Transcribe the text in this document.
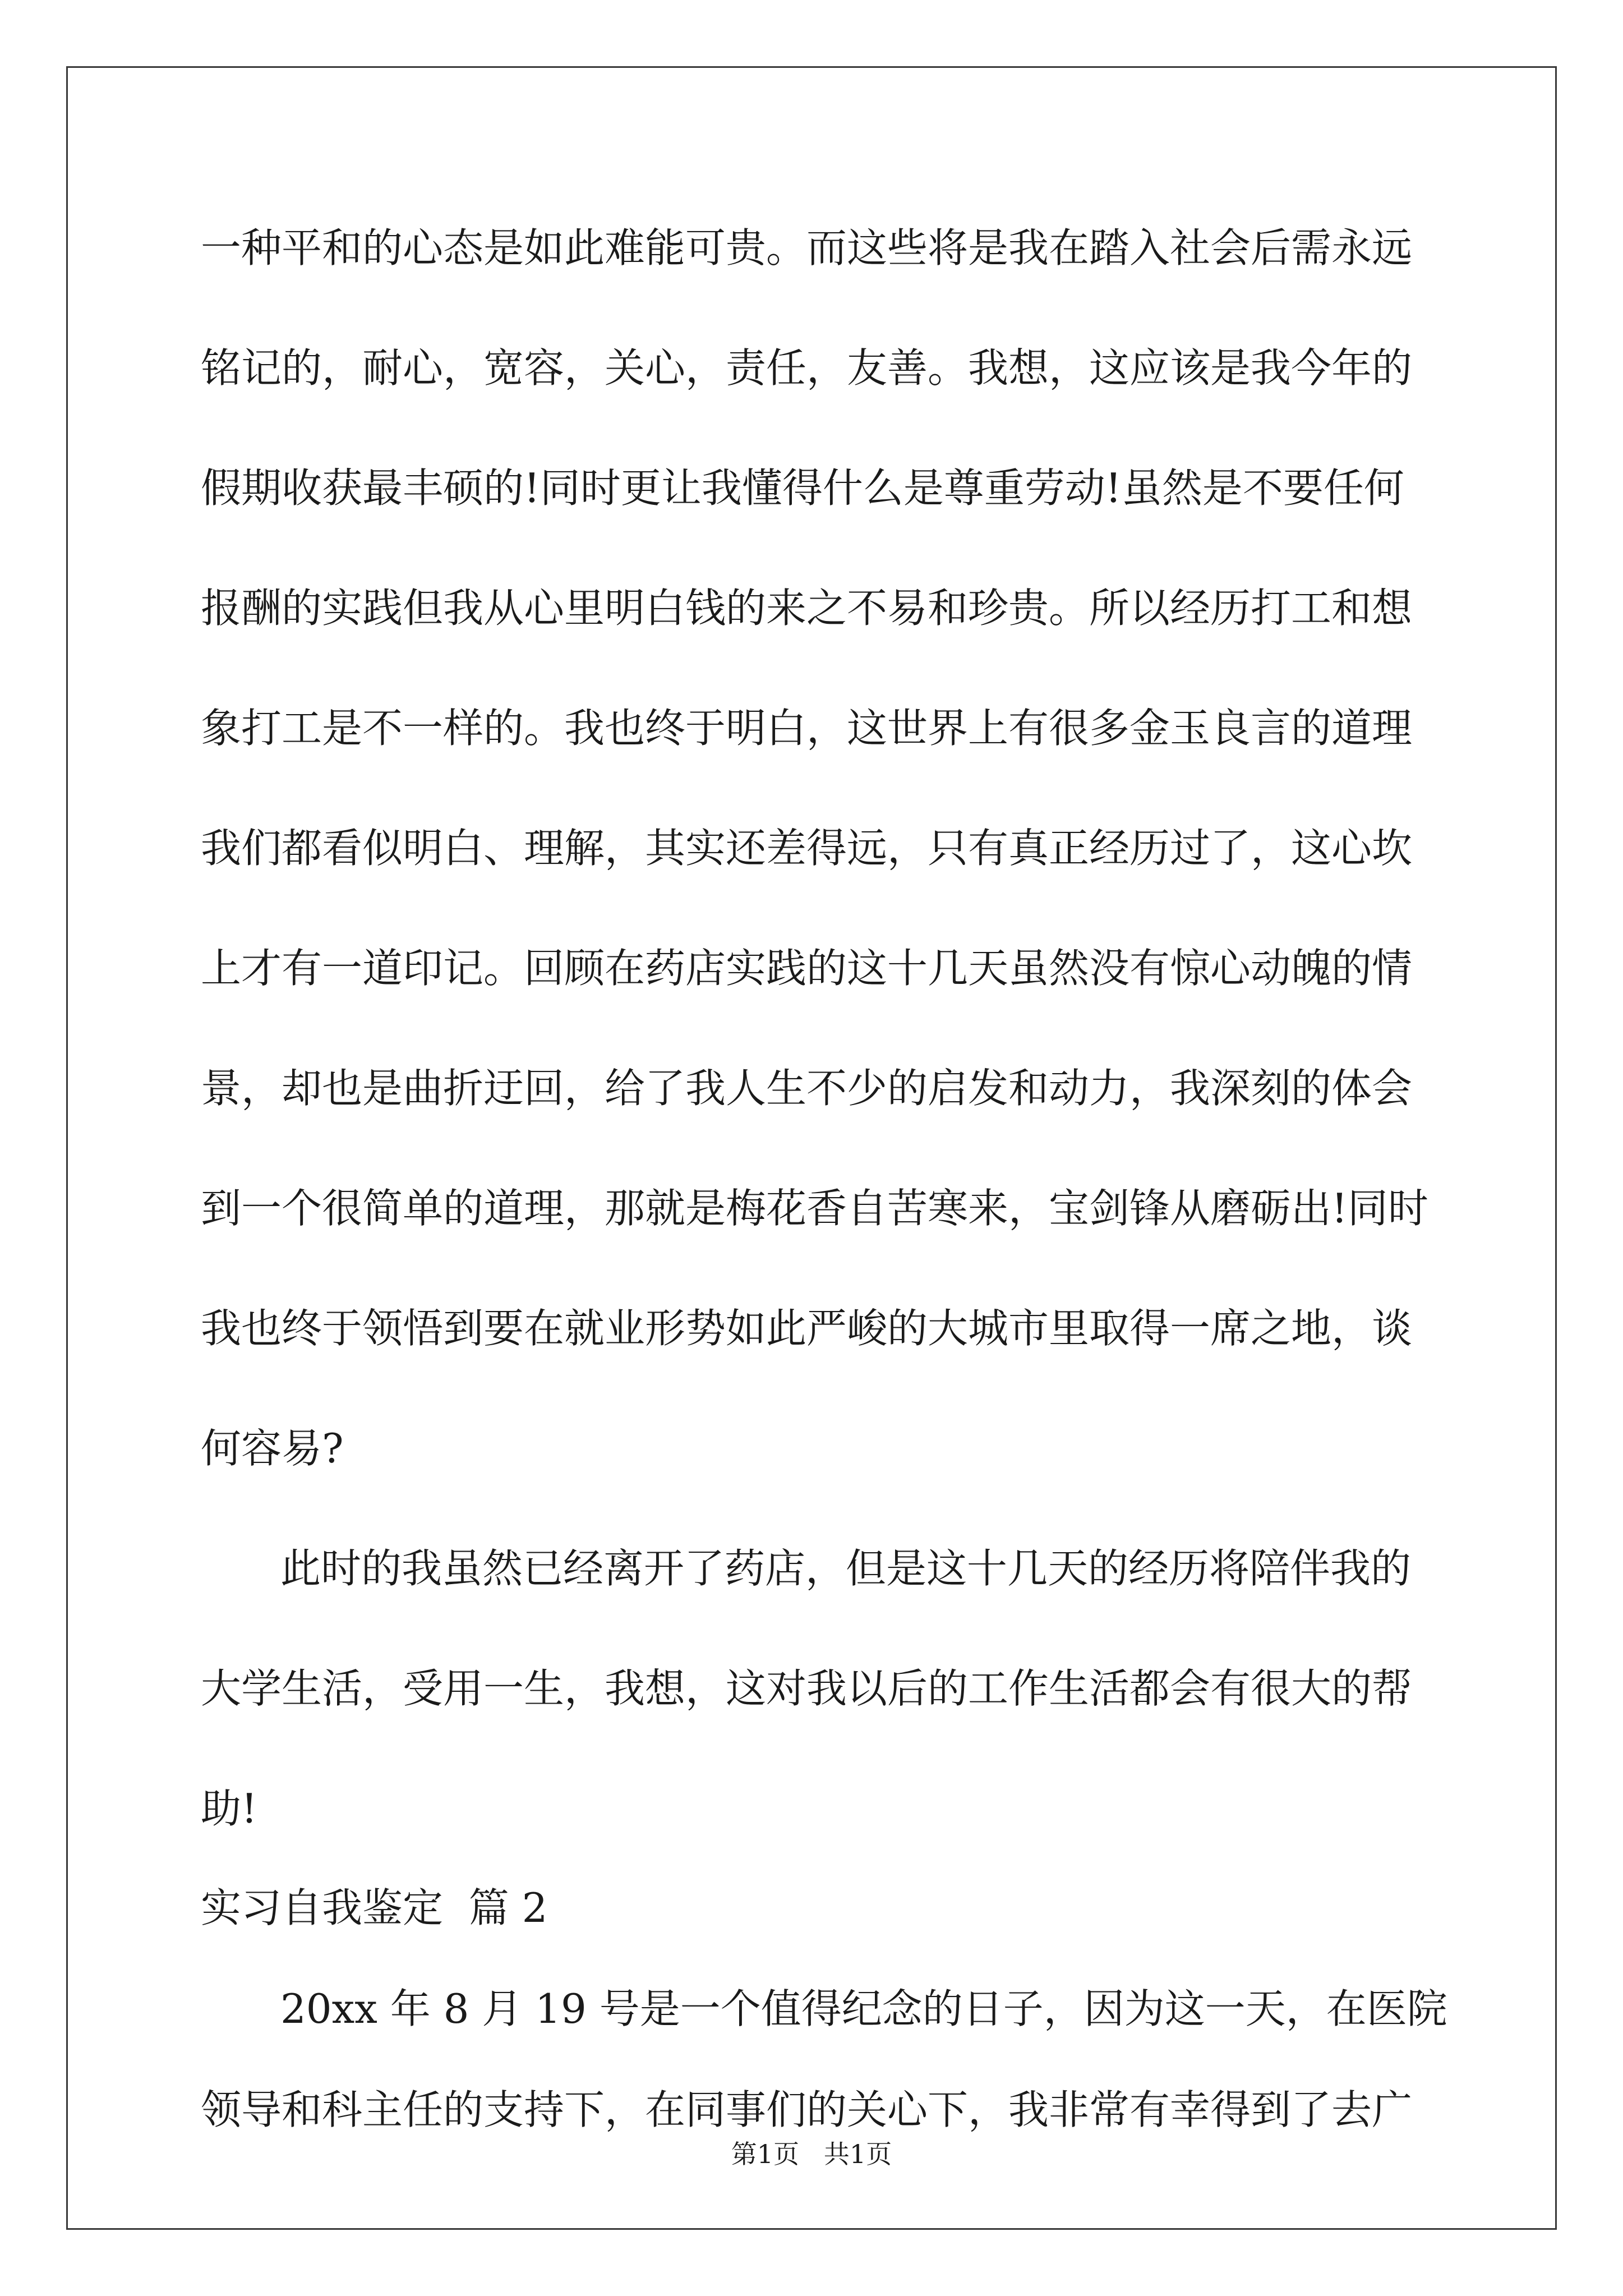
一种平和的心态是如此难能可贵。而这些将是我在踏入社会后需永远
铭记的，耐心，宽容，关心，责任，友善。我想，这应该是我今年的
假期收获最丰硕的!同时更让我懂得什么是尊重劳动!虽然是不要任何
报酬的实践但我从心里明白钱的来之不易和珍贵。所以经历打工和想
象打工是不一样的。我也终于明白，这世界上有很多金玉良言的道理
我们都看似明白、理解，其实还差得远，只有真正经历过了，这心坎
上才有一道印记。回顾在药店实践的这十几天虽然没有惊心动魄的情
景，却也是曲折迂回，给了我人生不少的启发和动力，我深刻的体会
到一个很简单的道理，那就是梅花香自苦寒来，宝剑锋从磨砺出!同时
我也终于领悟到要在就业形势如此严峻的大城市里取得一席之地，谈
何容易?
此时的我虽然已经离开了药店，但是这十几天的经历将陪伴我的
大学生活，受用一生，我想，这对我以后的工作生活都会有很大的帮
助!
实习自我鉴定  篇 2
20xx 年 8 月 19 号是一个值得纪念的日子，因为这一天，在医院
领导和科主任的支持下，在同事们的关心下，我非常有幸得到了去广
第1页   共1页
